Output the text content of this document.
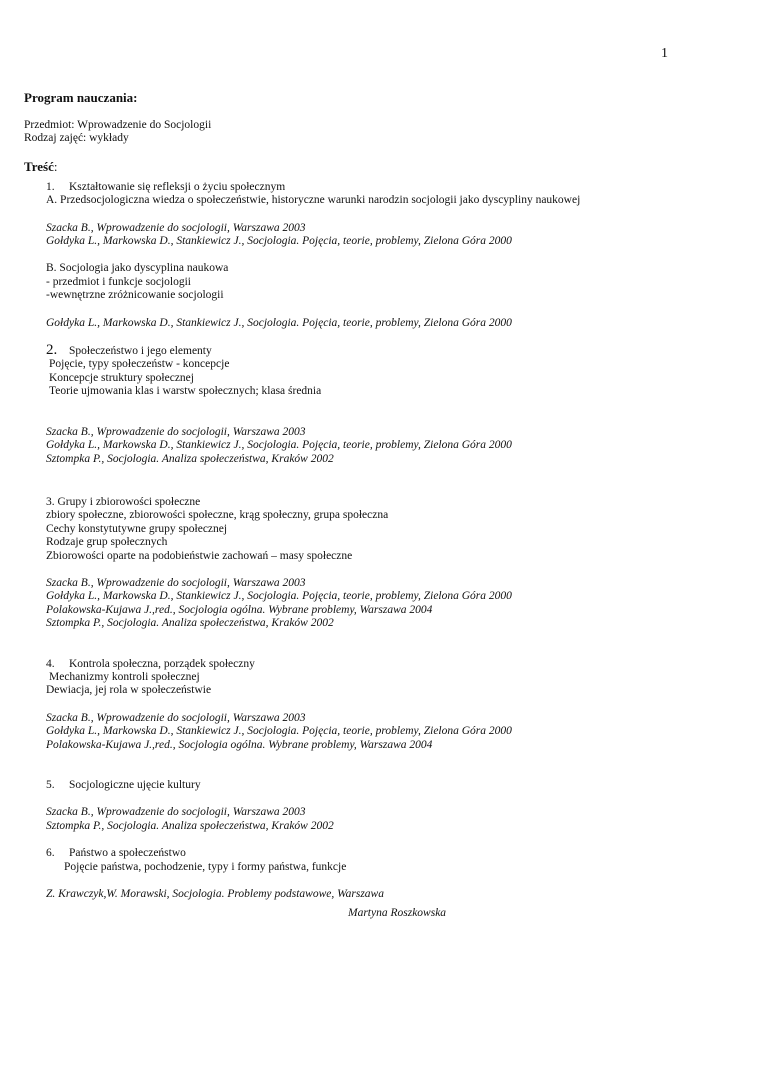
1
Program nauczania:
Przedmiot: Wprowadzenie do Socjologii
Rodzaj zajęć: wykłady
Treść:
1. Kształtowanie się refleksji o życiu społecznym
A. Przedsocjologiczna wiedza o społeczeństwie, historyczne warunki narodzin socjologii jako dyscypliny naukowej
Szacka B., Wprowadzenie do socjologii, Warszawa 2003
Gołdyka L., Markowska D., Stankiewicz J., Socjologia. Pojęcia, teorie, problemy, Zielona Góra 2000
B. Socjologia jako dyscyplina naukowa
- przedmiot i funkcje socjologii
-wewnętrzne zróżnicowanie socjologii
Gołdyka L., Markowska D., Stankiewicz J., Socjologia. Pojęcia, teorie, problemy, Zielona Góra 2000
2. Społeczeństwo i jego elementy
Pojęcie, typy społeczeństw - koncepcje
Koncepcje struktury społecznej
Teorie ujmowania klas i warstw społecznych; klasa średnia
Szacka B., Wprowadzenie do socjologii, Warszawa 2003
Gołdyka L., Markowska D., Stankiewicz J., Socjologia. Pojęcia, teorie, problemy, Zielona Góra 2000
Sztompka P., Socjologia. Analiza społeczeństwa, Kraków 2002
3. Grupy i zbiorowości społeczne
zbiory społeczne, zbiorowości społeczne, krąg społeczny, grupa społeczna
Cechy konstytutywne grupy społecznej
Rodzaje grup społecznych
Zbiorowości oparte na podobieństwie zachowań – masy społeczne
Szacka B., Wprowadzenie do socjologii, Warszawa 2003
Gołdyka L., Markowska D., Stankiewicz J., Socjologia. Pojęcia, teorie, problemy, Zielona Góra 2000
Polakowska-Kujawa J.,red., Socjologia ogólna. Wybrane problemy, Warszawa 2004
Sztompka P., Socjologia. Analiza społeczeństwa, Kraków 2002
4. Kontrola społeczna, porządek społeczny
Mechanizmy kontroli społecznej
Dewiacja, jej rola w społeczeństwie
Szacka B., Wprowadzenie do socjologii, Warszawa 2003
Gołdyka L., Markowska D., Stankiewicz J., Socjologia. Pojęcia, teorie, problemy, Zielona Góra 2000
Polakowska-Kujawa J.,red., Socjologia ogólna. Wybrane problemy, Warszawa 2004
5. Socjologiczne ujęcie kultury
Szacka B., Wprowadzenie do socjologii, Warszawa 2003
Sztompka P., Socjologia. Analiza społeczeństwa, Kraków 2002
6. Państwo a społeczeństwo
Pojęcie państwa, pochodzenie, typy i formy państwa, funkcje
Z. Krawczyk,W. Morawski, Socjologia. Problemy podstawowe, Warszawa
Martyna Roszkowska
